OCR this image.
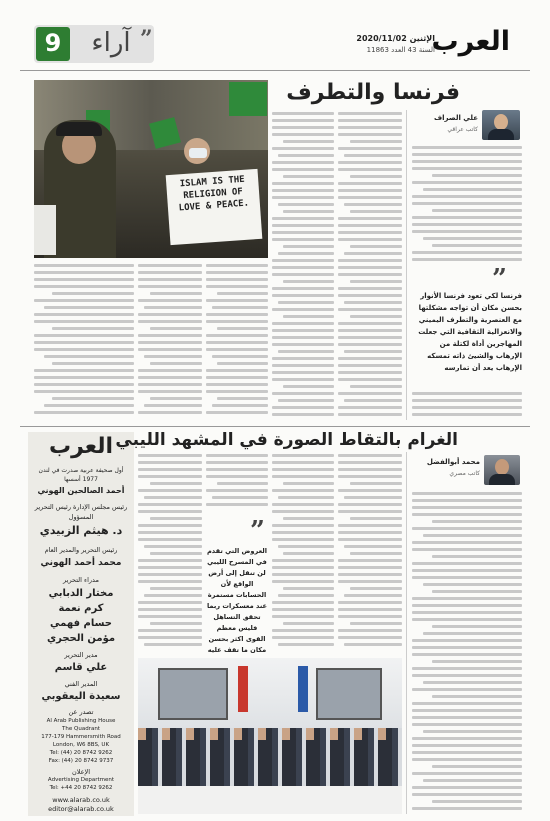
9	آراء ”	الإثنين 2020/11/02
السنة 43 العدد 11863
العرب
فرنسا والتطرف
علي الصراف
كاتب عراقي
”
فرنسا لكي تعود فرنسا الأنوار بحسن مكان أن تواجه مشكلتها مع العنصرية والتطرف اليميني والانعزالية الثقافية التي جعلت المهاجرين أداة لكتلة من الإرهاب والشيئ ذاته تمسكه الإرهاب يعد أن تمارسه
ISLAM IS THE RELIGION OF LOVE & PEACE.
العرب
أول صحيفة عربية صدرت في لندن 1977 أسسها
أحمد الصالحين الهوني
رئيس مجلس الإدارة رئيس التحرير المسؤول
د. هيثم الزبيدي
رئيس التحرير والمدير العام
محمد أحمد الهوني
مدراء التحرير
مختار الدبابي
كرم نعمة
حسام فهمي
مؤمن الحجري
مدير التحرير
علي قاسم
المدير الفني
سعيدة اليعقوبي
تصدر عن
Al Arab Publishing House
The Quadrant
177-179 Hammersmith Road
London, W6 8BS, UK
Tel: (44) 20 8742 9262
Fax: (44) 20 8742 9737
الإعلان
Advertising Department
Tel: +44 20 8742 9262
www.alarab.co.uk
editor@alarab.co.uk
الغرام بالتقاط الصورة في المشهد الليبي
محمد أبوالفضل
كاتب مصري
”
العروض التي تقدم في المسرح الليبي لن تنقل إلى أرض الواقع لأن الحسابات مستمرة عند معسكرات ربما تحقق التساهل فليس معظم القوى اكثر بحسن مكان ما تقف عليه
